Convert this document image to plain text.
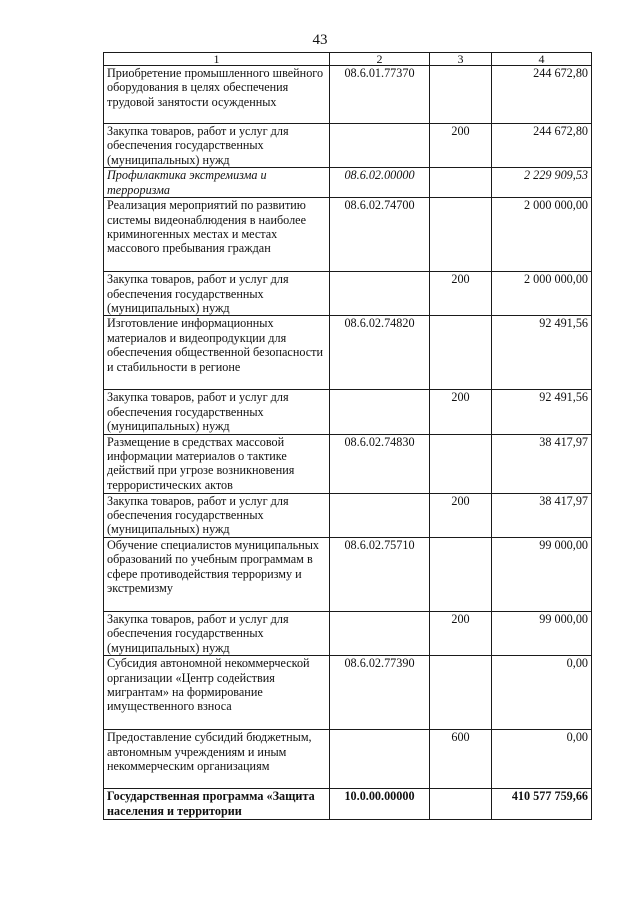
43
1	2	3	4
Приобретение промышленного швейного оборудования в целях обеспечения трудовой занятости осужденных	08.6.01.77370		244 672,80
Закупка товаров, работ и услуг для обеспечения государственных (муниципальных) нужд		200	244 672,80
Профилактика экстремизма и терроризма	08.6.02.00000		2 229 909,53
Реализация мероприятий по развитию системы видеонаблюдения в наиболее криминогенных местах и местах массового пребывания граждан	08.6.02.74700		2 000 000,00
Закупка товаров, работ и услуг для обеспечения государственных (муниципальных) нужд		200	2 000 000,00
Изготовление информационных материалов и видеопродукции для обеспечения общественной безопасности и стабильности в регионе	08.6.02.74820		92 491,56
Закупка товаров, работ и услуг для обеспечения государственных (муниципальных) нужд		200	92 491,56
Размещение в средствах массовой информации материалов о тактике действий при угрозе возникновения террористических актов	08.6.02.74830		38 417,97
Закупка товаров, работ и услуг для обеспечения государственных (муниципальных) нужд		200	38 417,97
Обучение специалистов муниципальных образований по учебным программам в сфере противодействия терроризму и экстремизму	08.6.02.75710		99 000,00
Закупка товаров, работ и услуг для обеспечения государственных (муниципальных) нужд		200	99 000,00
Субсидия автономной некоммерческой организации «Центр содействия мигрантам» на формирование имущественного взноса	08.6.02.77390		0,00
Предоставление субсидий бюджетным, автономным учреждениям и иным некоммерческим организациям		600	0,00
Государственная программа «Защита населения и территории	10.0.00.00000		410 577 759,66
